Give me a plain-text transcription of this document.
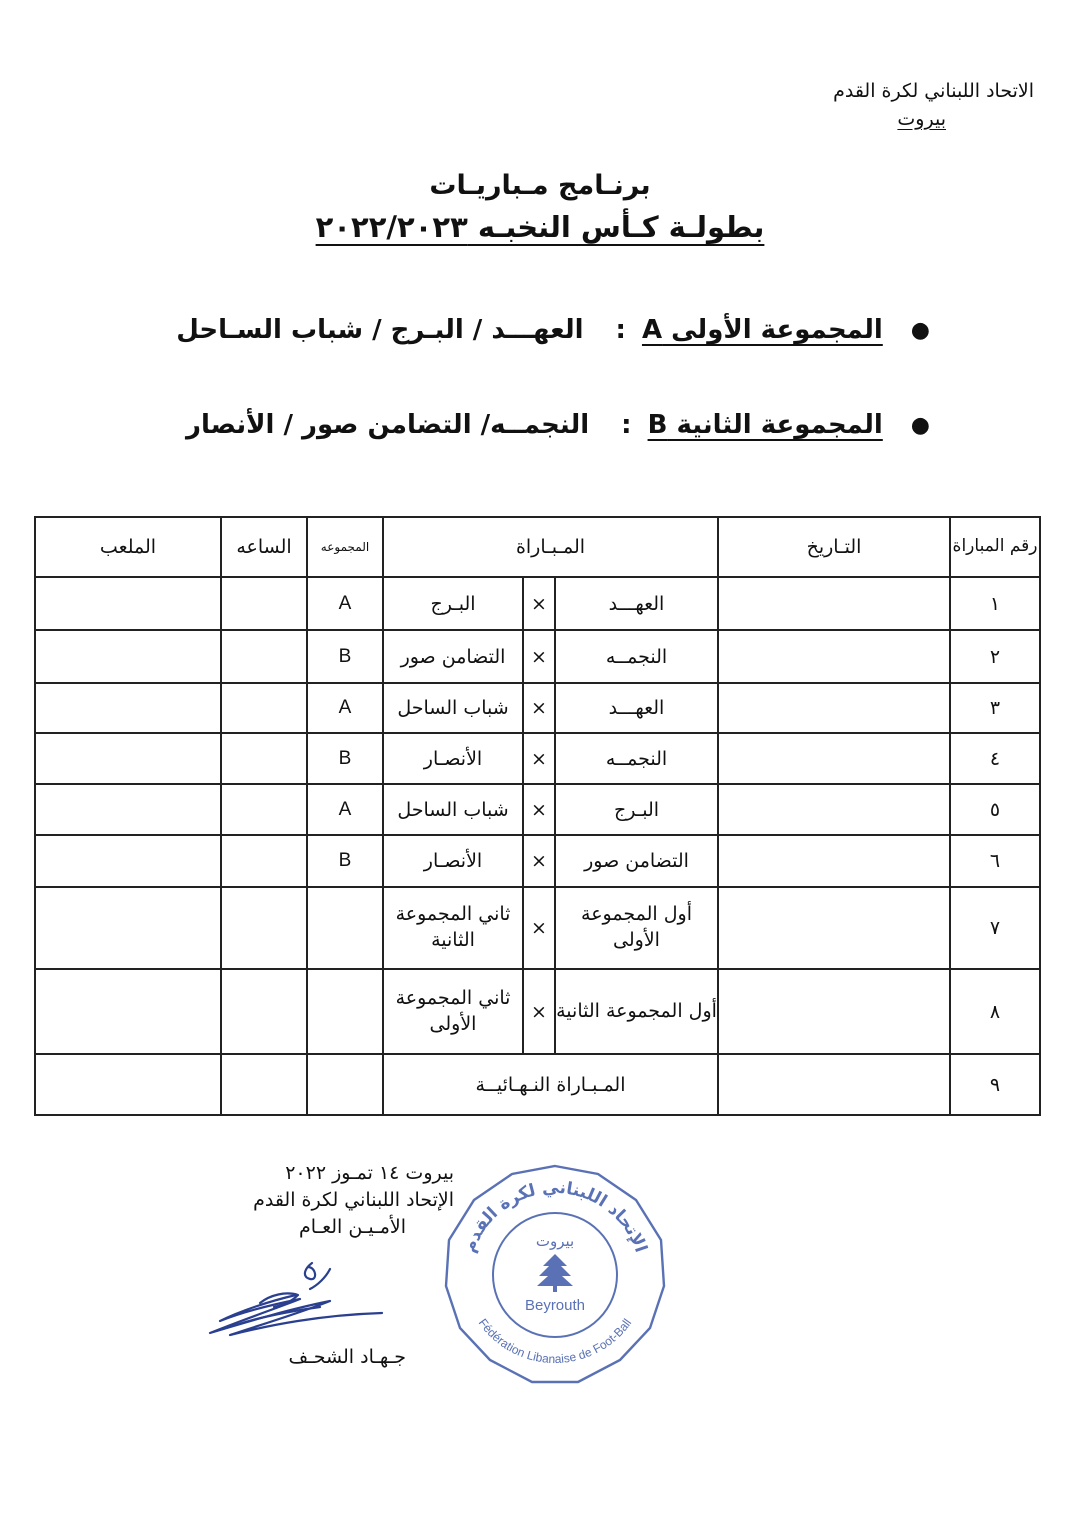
الاتحاد اللبناني لكرة القدم
بيروت
برنـامج مـباريـات
بطولـة كـأس النخبـه ٢٠٢٢/٢٠٢٣
●
المجموعة الأولى A
:
العهـــد / البـرج / شباب السـاحل
●
المجموعة الثانية B
:
النجمــه/ التضامن صور / الأنصار
رقم المباراة	التـاريخ	المـبـاراة			المجموعه	الساعه	الملعب
١		العهـــد	×	البـرج	A		
٢		النجمــه	×	التضامن صور	B		
٣		العهـــد	×	شباب الساحل	A		
٤		النجمــه	×	الأنصـار	B		
٥		البـرج	×	شباب الساحل	A		
٦		التضامن صور	×	الأنصـار	B		
٧		أول المجموعة الأولى	×	ثاني المجموعة الثانية			
٨		أول المجموعة الثانية	×	ثاني المجموعة الأولى			
٩		المـبـاراة النـهـائيــة					
بيروت ١٤ تمـوز ٢٠٢٢
الإتحاد اللبناني لكرة القدم
الأمـيـن العـام
جـهـاد الشحـف
الإتحاد اللبناني لكرة القدم
Fédération Libanaise de Foot-Ball
بيروت
Beyrouth
